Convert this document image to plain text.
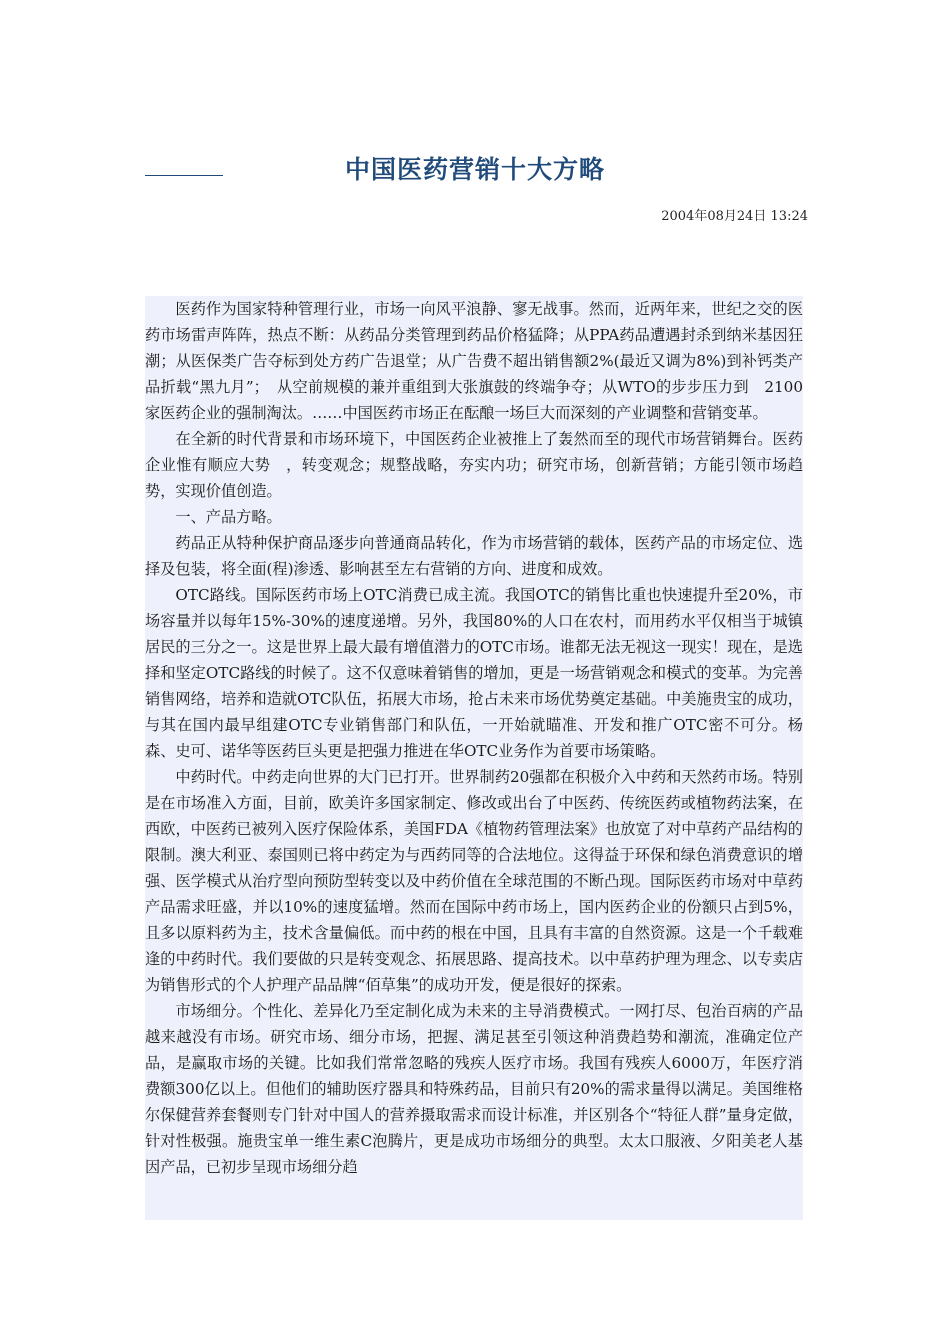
中国医药营销十大方略
2004年08月24日 13:24

医药作为国家特种管理行业，市场一向风平浪静、寥无战事。然而，近两年来，世纪之交的医药市场雷声阵阵，热点不断：从药品分类管理到药品价格猛降；从PPA药品遭遇封杀到纳米基因狂潮；从医保类广告夺标到处方药广告退堂；从广告费不超出销售额2%(最近又调为8%)到补钙类产品折载“黑九月”；　从空前规模的兼并重组到大张旗鼓的终端争夺；从WTO的步步压力到　2100家医药企业的强制淘汰。……中国医药市场正在酝酿一场巨大而深刻的产业调整和营销变革。

在全新的时代背景和市场环境下，中国医药企业被推上了轰然而至的现代市场营销舞台。医药企业惟有顺应大势　，转变观念；规整战略，夯实内功；研究市场，创新营销；方能引领市场趋势，实现价值创造。

一、产品方略。

药品正从特种保护商品逐步向普通商品转化，作为市场营销的载体，医药产品的市场定位、选择及包装，将全面(程)渗透、影响甚至左右营销的方向、进度和成效。

OTC路线。国际医药市场上OTC消费已成主流。我国OTC的销售比重也快速提升至20%，市场容量并以每年15%-30%的速度递增。另外，我国80%的人口在农村，而用药水平仅相当于城镇居民的三分之一。这是世界上最大最有增值潜力的OTC市场。谁都无法无视这一现实！现在，是选择和坚定OTC路线的时候了。这不仅意味着销售的增加，更是一场营销观念和模式的变革。为完善销售网络，培养和造就OTC队伍，拓展大市场，抢占未来市场优势奠定基础。中美施贵宝的成功，与其在国内最早组建OTC专业销售部门和队伍，一开始就瞄准、开发和推广OTC密不可分。杨森、史可、诺华等医药巨头更是把强力推进在华OTC业务作为首要市场策略。

中药时代。中药走向世界的大门已打开。世界制药20强都在积极介入中药和天然药市场。特别是在市场准入方面，目前，欧美许多国家制定、修改或出台了中医药、传统医药或植物药法案，在西欧，中医药已被列入医疗保险体系，美国FDA《植物药管理法案》也放宽了对中草药产品结构的限制。澳大利亚、泰国则已将中药定为与西药同等的合法地位。这得益于环保和绿色消费意识的增强、医学模式从治疗型向预防型转变以及中药价值在全球范围的不断凸现。国际医药市场对中草药产品需求旺盛，并以10%的速度猛增。然而在国际中药市场上，国内医药企业的份额只占到5%，且多以原料药为主，技术含量偏低。而中药的根在中国，且具有丰富的自然资源。这是一个千载难逢的中药时代。我们要做的只是转变观念、拓展思路、提高技术。以中草药护理为理念、以专卖店为销售形式的个人护理产品品牌“佰草集”的成功开发，便是很好的探索。

市场细分。个性化、差异化乃至定制化成为未来的主导消费模式。一网打尽、包治百病的产品越来越没有市场。研究市场、细分市场，把握、满足甚至引领这种消费趋势和潮流，准确定位产品，是赢取市场的关键。比如我们常常忽略的残疾人医疗市场。我国有残疾人6000万，年医疗消费额300亿以上。但他们的辅助医疗器具和特殊药品，目前只有20%的需求量得以满足。美国维格尔保健营养套餐则专门针对中国人的营养摄取需求而设计标准，并区别各个“特征人群”量身定做，针对性极强。施贵宝单一维生素C泡腾片，更是成功市场细分的典型。太太口服液、夕阳美老人基因产品，已初步呈现市场细分趋
